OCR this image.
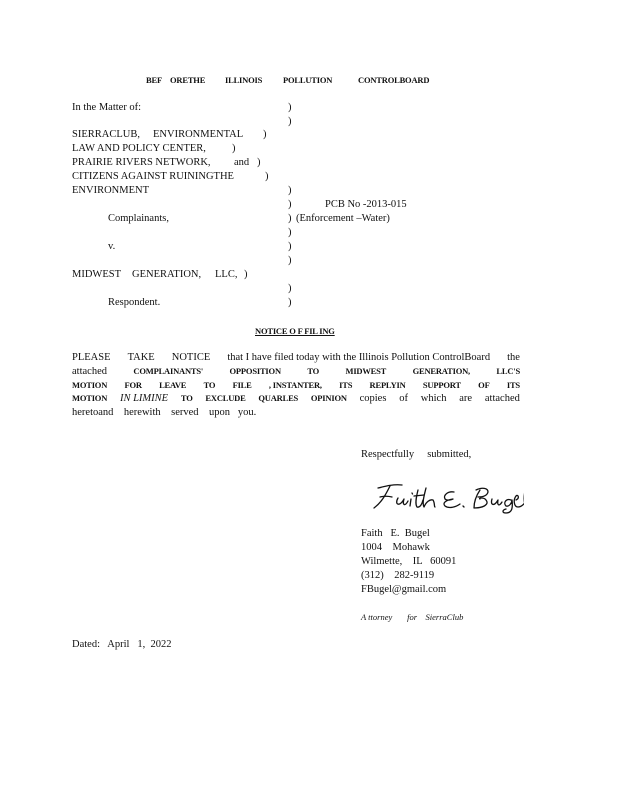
BEF OREТHE ILLINOIS POLLUTION	CONTROLBOARD
In the Matter of:	)
)
SIERRACLUB, ENVIRONMENTAL )
LAW AND POLICY CENTER, )
PRAIRIE RIVERS NETWORK, and )
CITIZENS AGAINST RUININGTHE	)
ENVIRONMENT	)
)	PCB No -2013-015
Complainants,	) (Enforcement –Water)
)
v.	)
)
MIDWEST GENERATION, LLC, )
)
Respondent.	)
NOTICE O F FIL ING
PLEASE TAKE NOTICE that I have filed today with the Illinois Pollution ControlBoard the
attached	COMPLAINANTS'	OPPOSITION	TO	MIDWEST	GENERATION,	LLC'S
MOTION FOR LEAVE TO FILE , INSTANTER, ITS REPLYIN SUPPORT OF ITS
MOTION IN LIMINE TO EXCLUDE QUARLES OPINION copies of which are attached
heretoand    herewith    served    upon   you.
Respectfully     submitted,
Faith   E.  Bugel
1004    Mohawk
Wilmette,    IL   60091
(312)    282-9119
FBugel@gmail.com
A ttorney       for    SierraClub
Dated:   April   1,  2022
